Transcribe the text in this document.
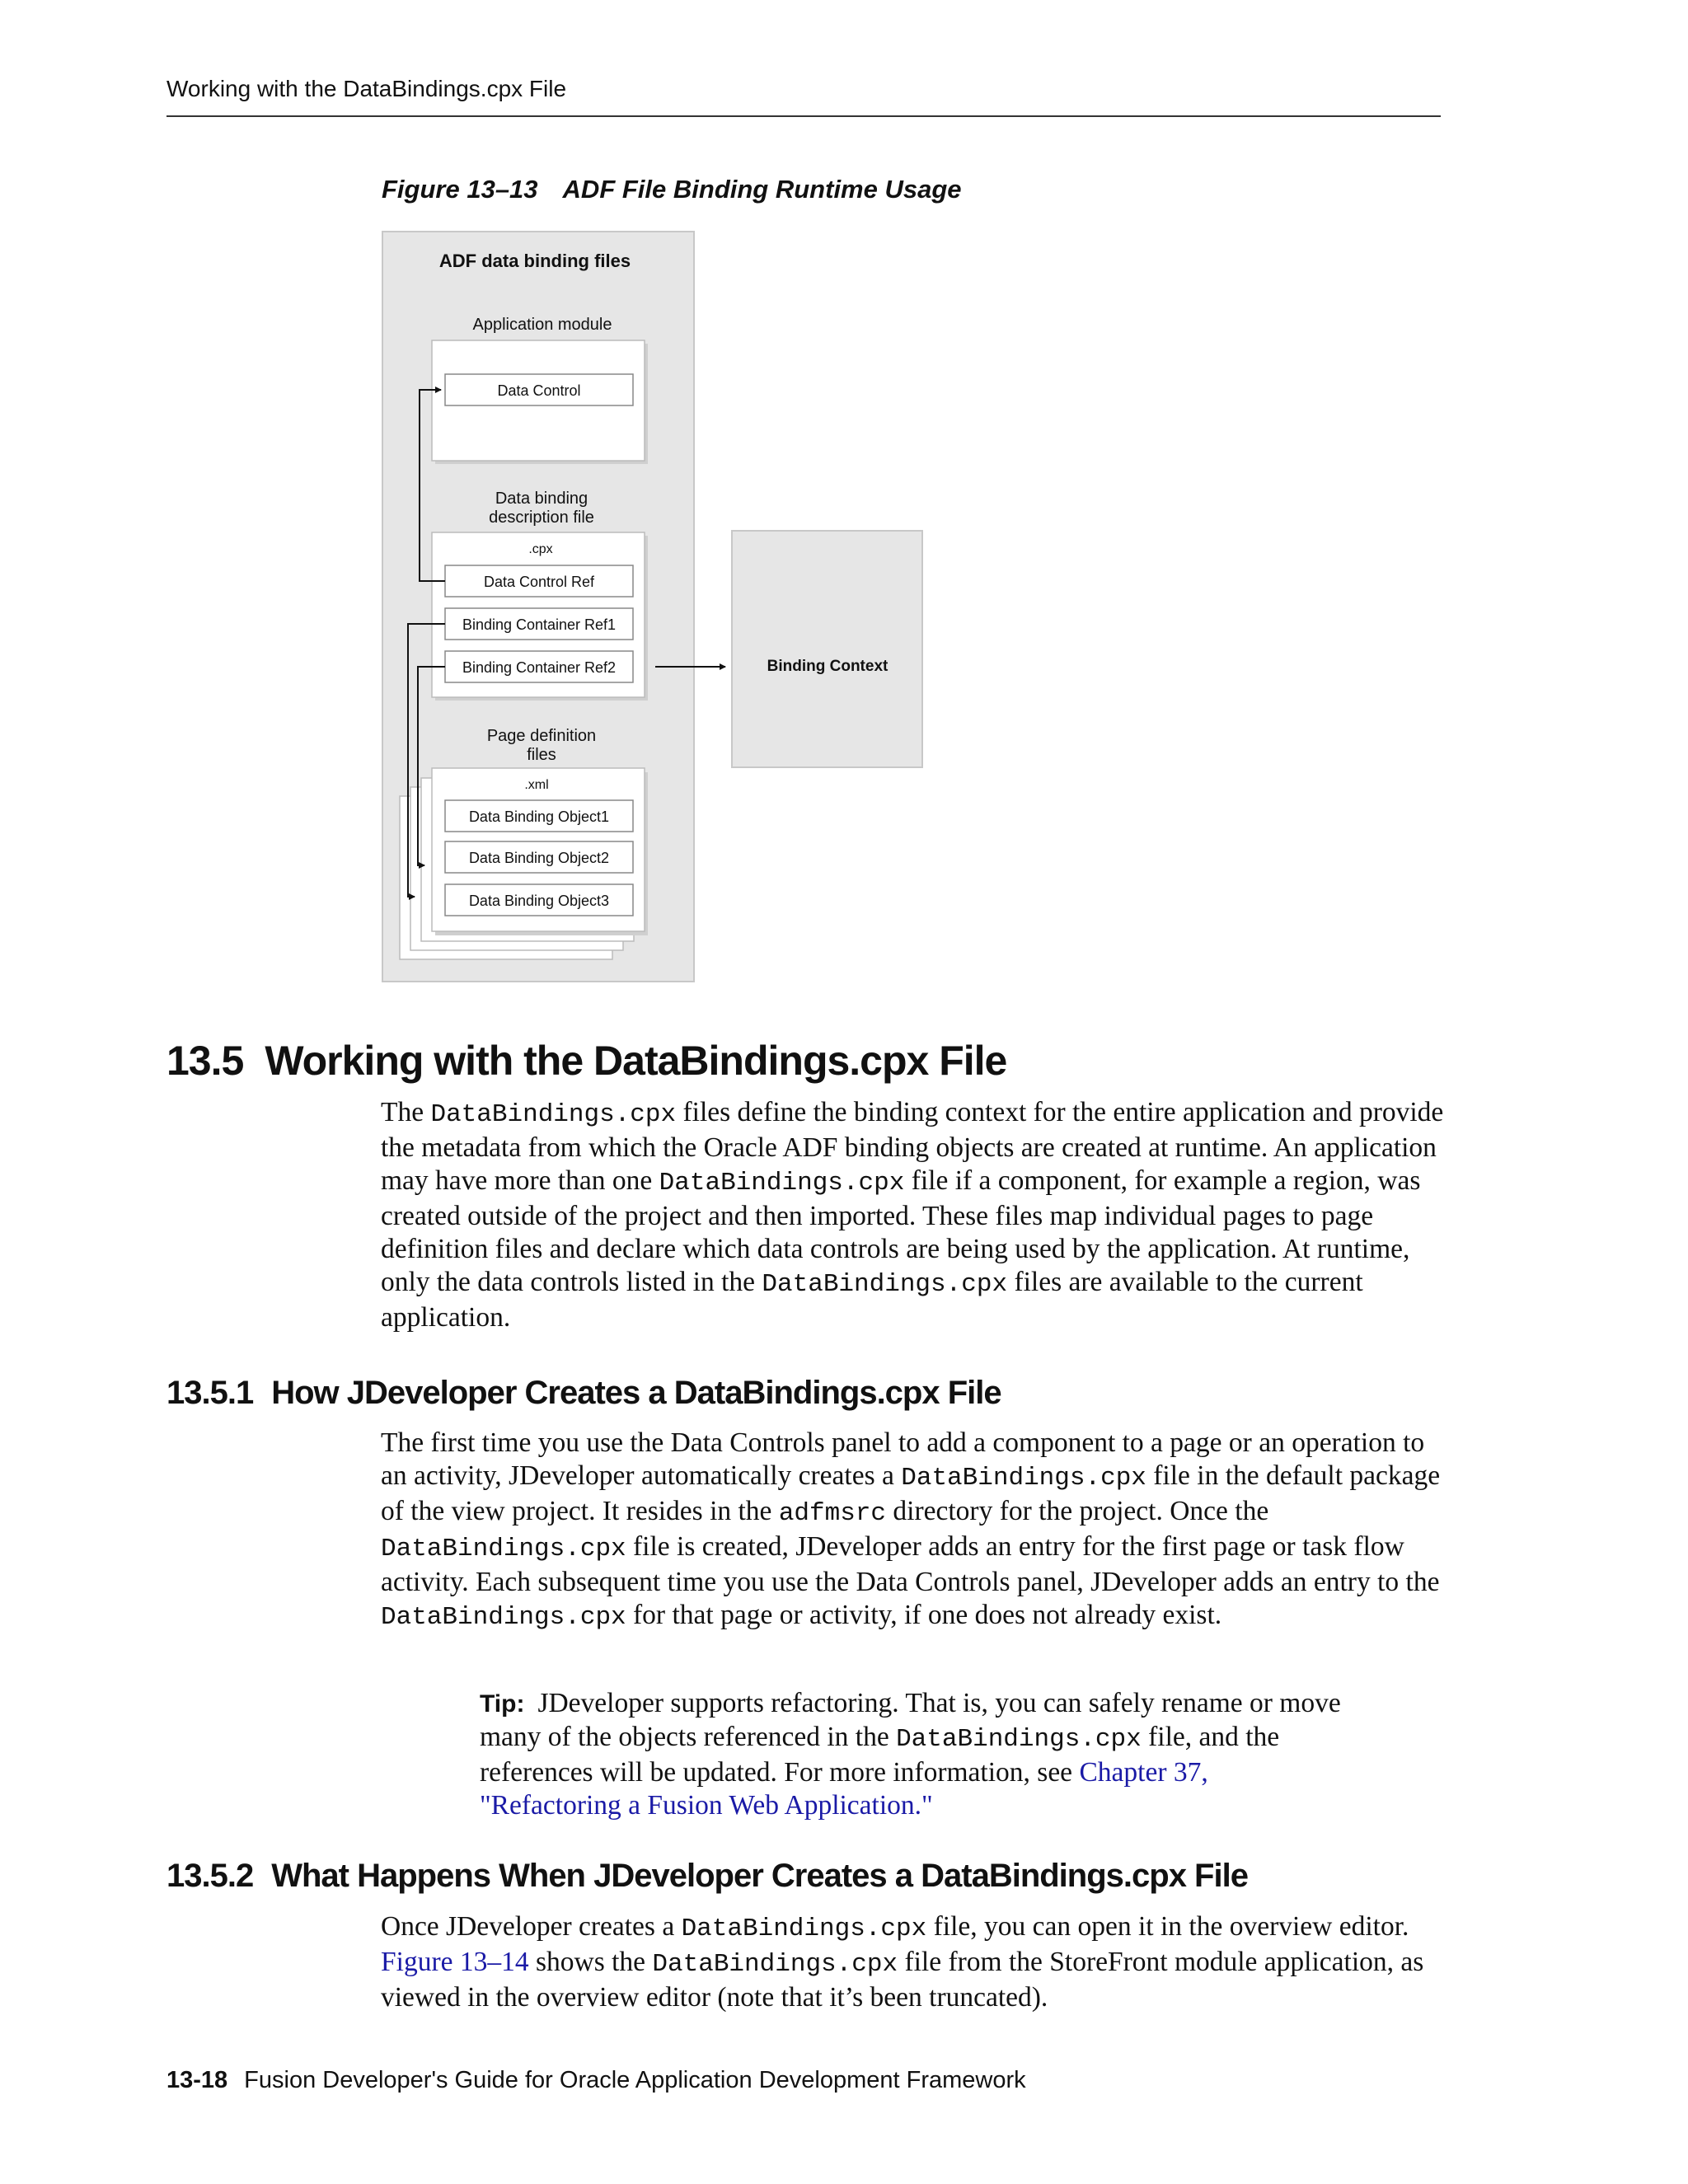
Working with the DataBindings.cpx File
Figure 13–13 ADF File Binding Runtime Usage
ADF data binding files
Application module
Data Control
Data binding
description file
.cpx
Data Control Ref
Binding Container Ref1
Binding Container Ref2
Page definition
files
.xml
Data Binding Object1
Data Binding Object2
Data Binding Object3
Binding Context
13.5 Working with the DataBindings.cpx File

The DataBindings.cpx files define the binding context for the entire application and provide the metadata from which the Oracle ADF binding objects are created at runtime. An application may have more than one DataBindings.cpx file if a component, for example a region, was created outside of the project and then imported. These files map individual pages to page definition files and declare which data controls are being used by the application. At runtime, only the data controls listed in the DataBindings.cpx files are available to the current application.

13.5.1 How JDeveloper Creates a DataBindings.cpx File

The first time you use the Data Controls panel to add a component to a page or an operation to an activity, JDeveloper automatically creates a DataBindings.cpx file in the default package of the view project. It resides in the adfmsrc directory for the project. Once the DataBindings.cpx file is created, JDeveloper adds an entry for the first page or task flow activity. Each subsequent time you use the Data Controls panel, JDeveloper adds an entry to the DataBindings.cpx for that page or activity, if one does not already exist.

Tip: JDeveloper supports refactoring. That is, you can safely rename or move many of the objects referenced in the DataBindings.cpx file, and the references will be updated. For more information, see Chapter 37, "Refactoring a Fusion Web Application."

13.5.2 What Happens When JDeveloper Creates a DataBindings.cpx File

Once JDeveloper creates a DataBindings.cpx file, you can open it in the overview editor. Figure 13–14 shows the DataBindings.cpx file from the StoreFront module application, as viewed in the overview editor (note that it’s been truncated).

13-18 Fusion Developer's Guide for Oracle Application Development Framework
